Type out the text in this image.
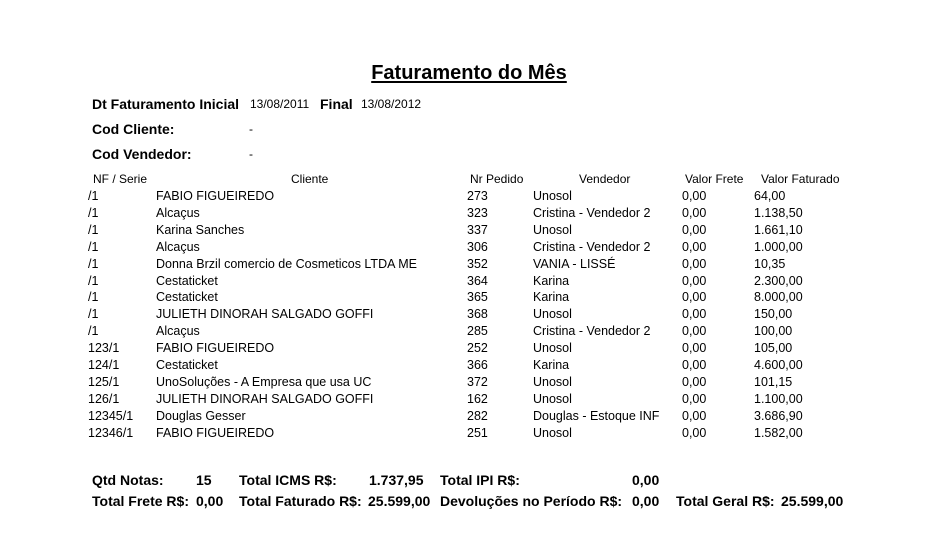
Faturamento do Mês
Dt Faturamento Inicial 13/08/2011 Final 13/08/2012
Cod Cliente:	-
Cod Vendedor:	-
NF / Serie	Cliente	Nr Pedido	Vendedor	Valor Frete Valor Faturado
/1	FABIO FIGUEIREDO	273	Unosol	0,00	64,00
/1	Alcaçus	323	Cristina - Vendedor 2	0,00	1.138,50
/1	Karina Sanches	337	Unosol	0,00	1.661,10
/1	Alcaçus	306	Cristina - Vendedor 2	0,00	1.000,00
/1	Donna Brzil comercio de Cosmeticos LTDA ME	352	VANIA - LISSÉ	0,00	10,35
/1	Cestaticket	364	Karina	0,00	2.300,00
/1	Cestaticket	365	Karina	0,00	8.000,00
/1	JULIETH DINORAH SALGADO GOFFI	368	Unosol	0,00	150,00
/1	Alcaçus	285	Cristina - Vendedor 2	0,00	100,00
123/1	FABIO FIGUEIREDO	252	Unosol	0,00	105,00
124/1	Cestaticket	366	Karina	0,00	4.600,00
125/1	UnoSoluções - A Empresa que usa UC	372	Unosol	0,00	101,15
126/1	JULIETH DINORAH SALGADO GOFFI	162	Unosol	0,00	1.100,00
12345/1 Douglas Gesser	282	Douglas - Estoque INF 0,00	3.686,90
12346/1 FABIO FIGUEIREDO	251	Unosol	0,00	1.582,00
Qtd Notas: 15 Total ICMS R$: 1.737,95 Total IPI R$:	0,00
Total Frete R$: 0,00 Total Faturado R$: 25.599,00 Devoluções no Período R$: 0,00 Total Geral R$: 25.599,00
